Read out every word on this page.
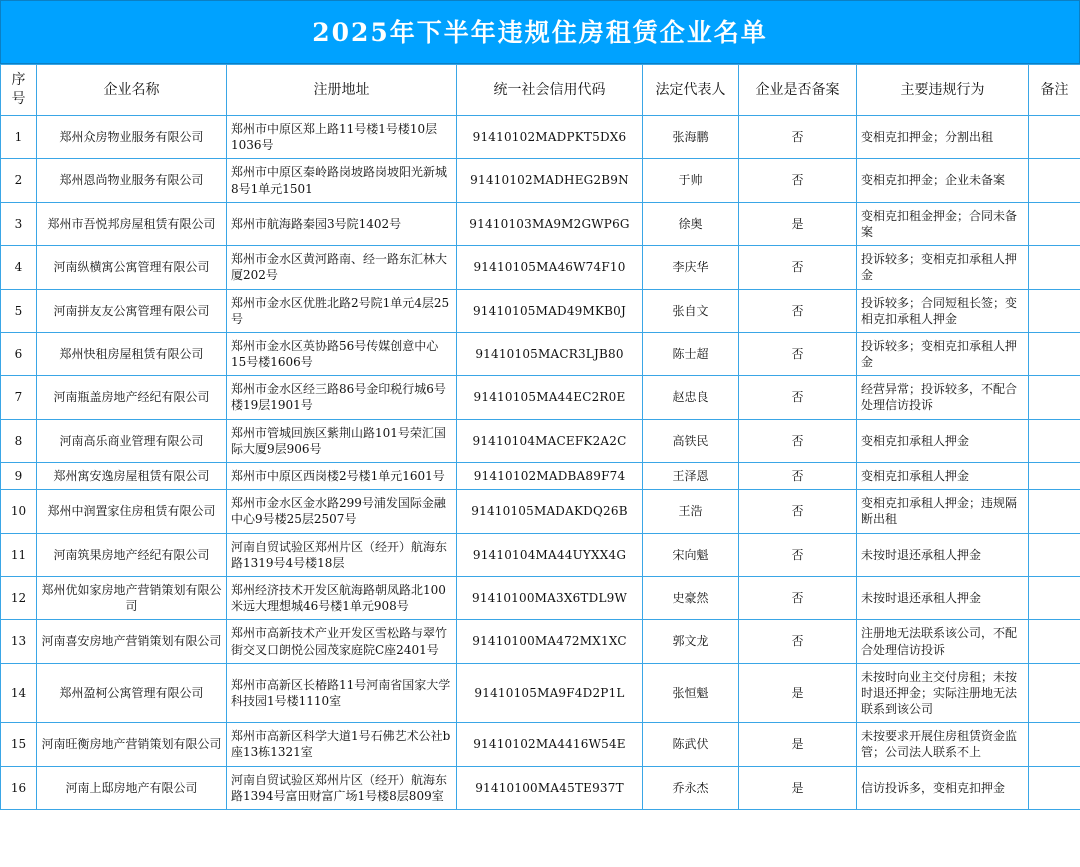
2025年下半年违规住房租赁企业名单
序号	企业名称	注册地址	统一社会信用代码	法定代表人	企业是否备案	主要违规行为	备注
1	郑州众房物业服务有限公司	郑州市中原区郑上路11号楼1号楼10层1036号	91410102MADPKT5DX6	张海鹏	否	变相克扣押金；分割出租	
2	郑州恩尚物业服务有限公司	郑州市中原区秦岭路岗坡路岗坡阳光新城8号1单元1501	91410102MADHEG2B9N	于帅	否	变相克扣押金；企业未备案	
3	郑州市吾悦邦房屋租赁有限公司	郑州市航海路秦园3号院1402号	91410103MA9M2GWP6G	徐奥	是	变相克扣租金押金；合同未备案	
4	河南纵横寓公寓管理有限公司	郑州市金水区黄河路南、经一路东汇林大厦202号	91410105MA46W74F10	李庆华	否	投诉较多；变相克扣承租人押金	
5	河南拼友友公寓管理有限公司	郑州市金水区优胜北路2号院1单元4层25号	91410105MAD49MKB0J	张自文	否	投诉较多；合同短租长签；变相克扣承租人押金	
6	郑州快租房屋租赁有限公司	郑州市金水区英协路56号传媒创意中心15号楼1606号	91410105MACR3LJB80	陈士超	否	投诉较多；变相克扣承租人押金	
7	河南瓶盖房地产经纪有限公司	郑州市金水区经三路86号金印税行城6号楼19层1901号	91410105MA44EC2R0E	赵忠良	否	经营异常；投诉较多，不配合处理信访投诉	
8	河南高乐商业管理有限公司	郑州市管城回族区紫荆山路101号荣汇国际大厦9层906号	91410104MACEFK2A2C	高铁民	否	变相克扣承租人押金	
9	郑州寓安逸房屋租赁有限公司	郑州市中原区西岗楼2号楼1单元1601号	91410102MADBA89F74	王泽恩	否	变相克扣承租人押金	
10	郑州中润置家住房租赁有限公司	郑州市金水区金水路299号浦发国际金融中心9号楼25层2507号	91410105MADAKDQ26B	王浩	否	变相克扣承租人押金；违规隔断出租	
11	河南筑果房地产经纪有限公司	河南自贸试验区郑州片区（经开）航海东路1319号4号楼18层	91410104MA44UYXX4G	宋向魁	否	未按时退还承租人押金	
12	郑州优如家房地产营销策划有限公司	郑州经济技术开发区航海路朝凤路北100米远大理想城46号楼1单元908号	91410100MA3X6TDL9W	史豪然	否	未按时退还承租人押金	
13	河南喜安房地产营销策划有限公司	郑州市高新技术产业开发区雪松路与翠竹街交叉口朗悦公园茂家庭院C座2401号	91410100MA472MX1XC	郭文龙	否	注册地无法联系该公司，不配合处理信访投诉	
14	郑州盈柯公寓管理有限公司	郑州市高新区长椿路11号河南省国家大学科技园1号楼1110室	91410105MA9F4D2P1L	张恒魁	是	未按时向业主交付房租；未按时退还押金；实际注册地无法联系到该公司	
15	河南旺衡房地产营销策划有限公司	郑州市高新区科学大道1号石佛艺术公社b座13栋1321室	91410102MA4416W54E	陈武伏	是	未按要求开展住房租赁资金监管；公司法人联系不上	
16	河南上邸房地产有限公司	河南自贸试验区郑州片区（经开）航海东路1394号富田财富广场1号楼8层809室	91410100MA45TE937T	乔永杰	是	信访投诉多，变相克扣押金	
